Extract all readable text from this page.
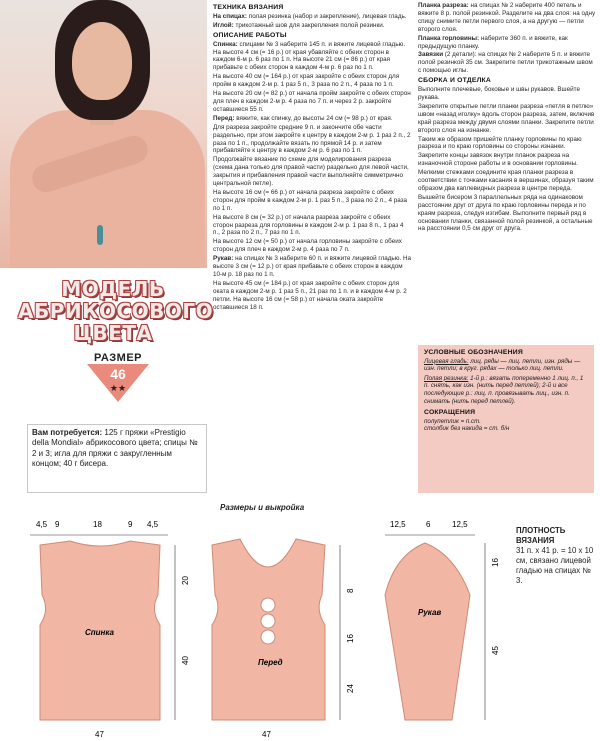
МОДЕЛЬ
АБРИКОСОВОГО
ЦВЕТА
РАЗМЕР
46
★★
Вам потребуется: 125 г пряжи «Prestigio della Mondial» абрикосового цвета; спицы № 2 и 3; игла для пряжи с закругленным концом; 40 г бисера.
ТЕХНИКА ВЯЗАНИЯ

На спицах: полая резинка (набор и закрепление), лицевая гладь.

Иглой: трикотажный шов для закрепления полой резинки.

ОПИСАНИЕ РАБОТЫ

Спинка: спицами № 3 наберите 145 п. и вяжите лицевой гладью. На высоте 4 см (= 16 р.) от края убавляйте с обеих сторон в каждом 6-м р. 6 раз по 1 п. На высоте 21 см (= 86 р.) от края прибавьте с обеих сторон в каждом 4-м р. 6 раз по 1 п.

На высоте 40 см (= 164 р.) от края закройте с обеих сторон для пройм в каждом 2-м р. 1 раз 5 п., 3 раза по 2 п., 4 раза по 1 п.

На высоте 20 см (= 82 р.) от начала пройм закройте с обеих сторон для плеч в каждом 2-м р. 4 раза по 7 п. и через 2 р. закройте оставшиеся 55 п.

Перед: вяжите, как спинку, до высоты 24 см (= 98 р.) от края.

Для разреза закройте средние 9 п. и закончите обе части раздельно, при этом закройте к центру в каждом 2-м р. 1 раз 2 п., 2 раза по 1 п., продолжайте вязать по прямой 14 р. и затем прибавляйте к центру в каждом 2-м р. 6 раз по 1 п.

Продолжайте вязание по схеме для моделирования разреза (схема дана только для правой части) раздельно для левой части, закрытия и прибавления правой части выполняйте симметрично центральной петле).

На высоте 16 см (= 66 р.) от начала разреза закройте с обеих сторон для пройм в каждом 2-м р. 1 раз 5 п., 3 раза по 2 п., 4 раза по 1 п.

На высоте 8 см (= 32 р.) от начала разреза закройте с обеих сторон разреза для горловины в каждом 2-м р. 1 раз 8 п., 1 раз 4 п., 2 раза по 2 п., 7 раз по 1 п.

На высоте 12 см (= 50 р.) от начала горловины закройте с обеих сторон для плеч в каждом 2-м р. 4 раза по 7 п.

Рукав: на спицах № 3 наберите 60 п. и вяжите лицевой гладью. На высоте 3 см (= 12 р.) от края прибавьте с обеих сторон в каждом 10-м р. 18 раз по 1 п.

На высоте 45 см (= 184 р.) от края закройте с обеих сторон для оката в каждом 2-м р. 1 раз 5 п., 21 раз по 1 п. и в каждом 4-м р. 2 петли. На высоте 16 см (= 58 р.) от начала оката закройте оставшиеся 18 п.

Планка разреза: на спицах № 2 наберите 400 петель и вяжите 8 р. полой резинкой. Разделите на два слоя: на одну спицу снимите петли первого слоя, а на другую — петли второго слоя.

Планка горловины: наберите 360 п. и вяжите, как предыдущую планку.

Завязки (2 детали): на спицах № 2 наберите 5 п. и вяжите полой резинкой 35 см. Закрепите петли трикотажным швом с помощью иглы.

СБОРКА И ОТДЕЛКА

Выполните плечевые, боковые и швы рукавов. Вшейте рукава.

Закрепите открытые петли планки разреза «петля в петлю» швом «назад иголку» вдоль сторон разреза, затем, включив край разреза между двумя слоями планки. Закрепите петли второго слоя на изнанке.

Таким же образом пришейте планку горловины по краю разреза и по краю горловины со стороны изнанки.

Закрепите концы завязок внутри планок разреза на изнаночной стороне работы и в основании горловины.

Мелкими стежками соедините края планки разреза в соответствии с точками касания в вершинах, образуя таким образом два каплевидных разреза в центре переда.

Вышейте бисером 3 параллельных ряда на одинаковом расстоянии друг от друга по краю горловины переда и по краям разреза, следуя изгибам. Выполните первый ряд в основании планки, связанной полой резинкой, а остальные на расстоянии 0,5 см друг от друга.

УСЛОВНЫЕ ОБОЗНАЧЕНИЯ

Лицевая гладь: лиц. ряды — лиц. петли, изн. ряды — изн. петли; в круг. рядах — только лиц. петли.

Полая резинка: 1-й р.: вязать попеременно 1 лиц. п., 1 п. снять, как изн. (нить перед петлей); 2-й и все последующие р.: лиц. п. провязывать лиц., изн. п. снимать (нить перед петлей).

СОКРАЩЕНИЯ

полупетлик = п.ст.

столбик без накида = ст. б/н

Размеры и выкройка
4,5 9	18	9 4,5
Спинка
20
40
47
Перед
8
16
24
47
12,5	6	12,5
Рукав
16
45
ПЛОТНОСТЬ ВЯЗАНИЯ
31 п. x 41 р. = 10 x 10 см, связано лицевой гладью на спицах № 3.
